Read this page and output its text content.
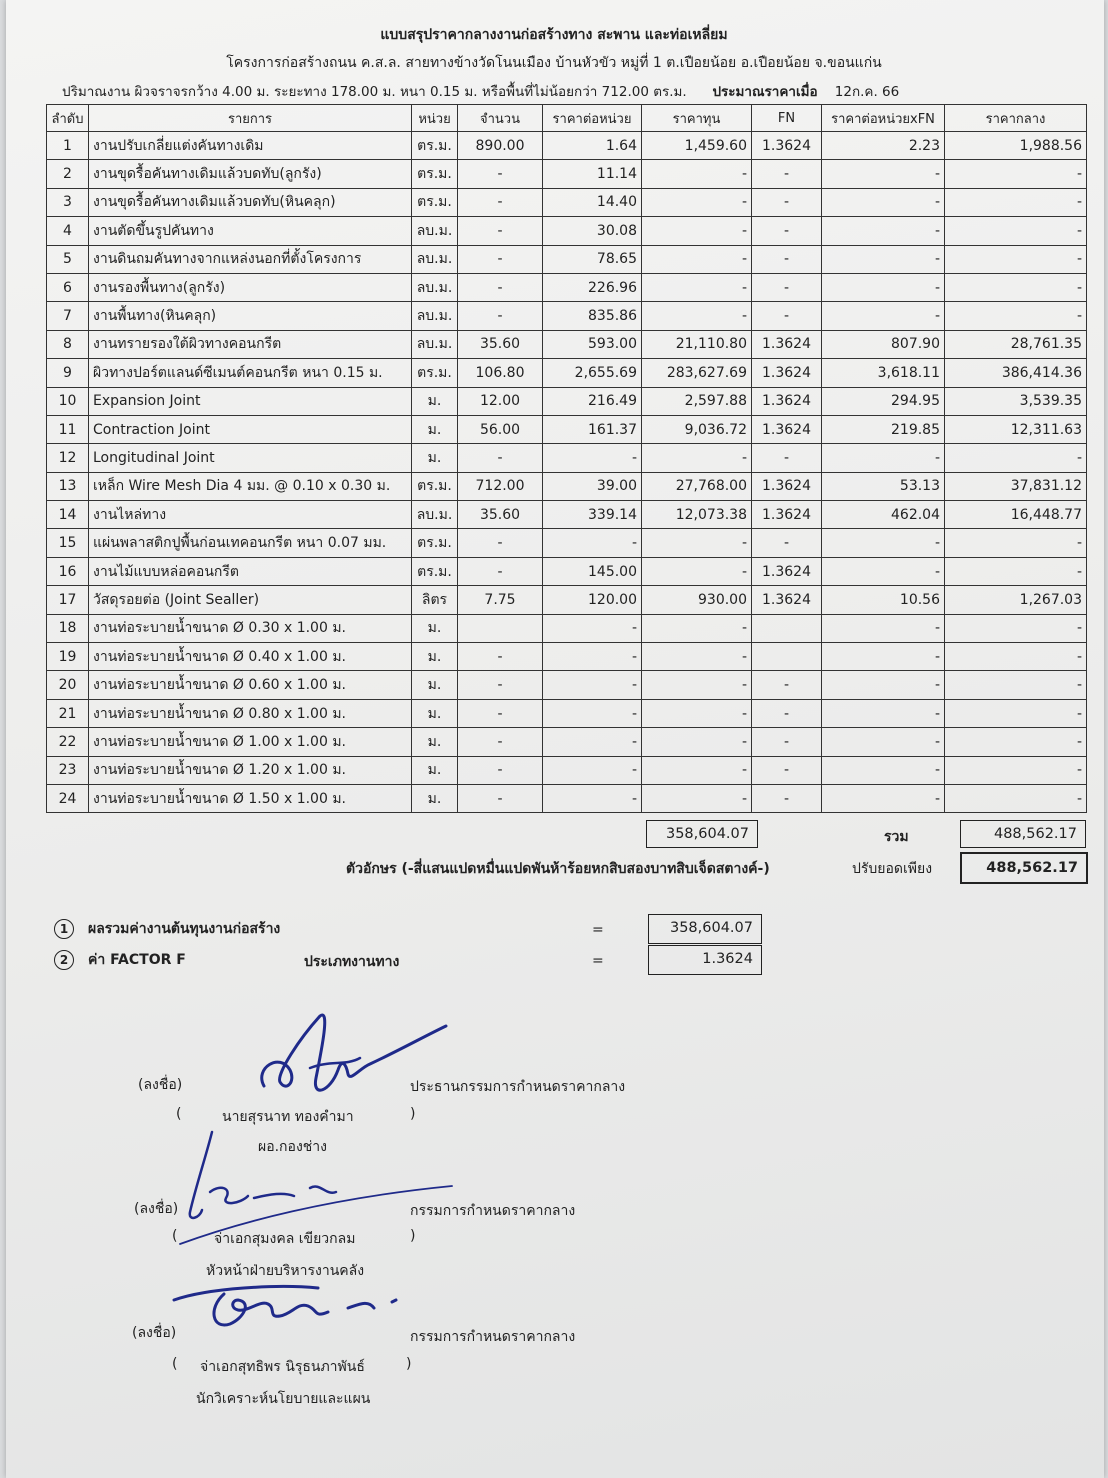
แบบสรุปราคากลางงานก่อสร้างทาง สะพาน และท่อเหลี่ยม
โครงการก่อสร้างถนน ค.ส.ล. สายทางข้างวัดโนนเมือง บ้านหัวขัว หมู่ที่ 1 ต.เปือยน้อย อ.เปือยน้อย จ.ขอนแก่น
ปริมาณงาน ผิวจราจรกว้าง 4.00 ม. ระยะทาง 178.00 ม. หนา 0.15 ม. หรือพื้นที่ไม่น้อยกว่า 712.00 ตร.ม. ประมาณราคาเมื่อ 12ก.ค. 66
ลำดับ	รายการ	หน่วย	จำนวน	ราคาต่อหน่วย	ราคาทุน	FN	ราคาต่อหน่วยxFN	ราคากลาง
1	งานปรับเกลี่ยแต่งคันทางเดิม	ตร.ม.	890.00	1.64	1,459.60	1.3624	2.23	1,988.56
2	งานขุดรื้อคันทางเดิมแล้วบดทับ(ลูกรัง)	ตร.ม.	-	11.14	-	-	-	-
3	งานขุดรื้อคันทางเดิมแล้วบดทับ(หินคลุก)	ตร.ม.	-	14.40	-	-	-	-
4	งานตัดขึ้นรูปคันทาง	ลบ.ม.	-	30.08	-	-	-	-
5	งานดินถมคันทางจากแหล่งนอกที่ตั้งโครงการ	ลบ.ม.	-	78.65	-	-	-	-
6	งานรองพื้นทาง(ลูกรัง)	ลบ.ม.	-	226.96	-	-	-	-
7	งานพื้นทาง(หินคลุก)	ลบ.ม.	-	835.86	-	-	-	-
8	งานทรายรองใต้ผิวทางคอนกรีต	ลบ.ม.	35.60	593.00	21,110.80	1.3624	807.90	28,761.35
9	ผิวทางปอร์ตแลนด์ซีเมนต์คอนกรีต หนา 0.15 ม.	ตร.ม.	106.80	2,655.69	283,627.69	1.3624	3,618.11	386,414.36
10	Expansion Joint	ม.	12.00	216.49	2,597.88	1.3624	294.95	3,539.35
11	Contraction Joint	ม.	56.00	161.37	9,036.72	1.3624	219.85	12,311.63
12	Longitudinal Joint	ม.	-	-	-	-	-	-
13	เหล็ก Wire Mesh Dia 4 มม. @ 0.10 x 0.30 ม.	ตร.ม.	712.00	39.00	27,768.00	1.3624	53.13	37,831.12
14	งานไหล่ทาง	ลบ.ม.	35.60	339.14	12,073.38	1.3624	462.04	16,448.77
15	แผ่นพลาสติกปูพื้นก่อนเทคอนกรีต หนา 0.07 มม.	ตร.ม.	-	-	-	-	-	-
16	งานไม้แบบหล่อคอนกรีต	ตร.ม.	-	145.00	-	1.3624	-	-
17	วัสดุรอยต่อ (Joint Sealler)	ลิตร	7.75	120.00	930.00	1.3624	10.56	1,267.03
18	งานท่อระบายน้ำขนาด Ø 0.30 x 1.00 ม.	ม.		-	-		-	-
19	งานท่อระบายน้ำขนาด Ø 0.40 x 1.00 ม.	ม.	-	-	-		-	-
20	งานท่อระบายน้ำขนาด Ø 0.60 x 1.00 ม.	ม.	-	-	-	-	-	-
21	งานท่อระบายน้ำขนาด Ø 0.80 x 1.00 ม.	ม.	-	-	-	-	-	-
22	งานท่อระบายน้ำขนาด Ø 1.00 x 1.00 ม.	ม.	-	-	-	-	-	-
23	งานท่อระบายน้ำขนาด Ø 1.20 x 1.00 ม.	ม.	-	-	-	-	-	-
24	งานท่อระบายน้ำขนาด Ø 1.50 x 1.00 ม.	ม.	-	-	-	-	-	-
358,604.07	รวม	488,562.17
ตัวอักษร (-สี่แสนแปดหมื่นแปดพันห้าร้อยหกสิบสองบาทสิบเจ็ดสตางค์-)	ปรับยอดเพียง	488,562.17
1 ผลรวมค่างานต้นทุนงานก่อสร้าง	=	358,604.07
2 ค่า FACTOR F	ประเภทงานทาง	=	1.3624
(ลงชื่อ)	ประธานกรรมการกำหนดราคากลาง
(	นายสุรนาท ทองคำมา	)
ผอ.กองช่าง
(ลงชื่อ)	กรรมการกำหนดราคากลาง
(	จ่าเอกสุมงคล เขียวกลม	)
หัวหน้าฝ่ายบริหารงานคลัง
(ลงชื่อ)	กรรมการกำหนดราคากลาง
( จ่าเอกสุทธิพร นิรุธนภาพันธ์	)
นักวิเคราะห์นโยบายและแผน
